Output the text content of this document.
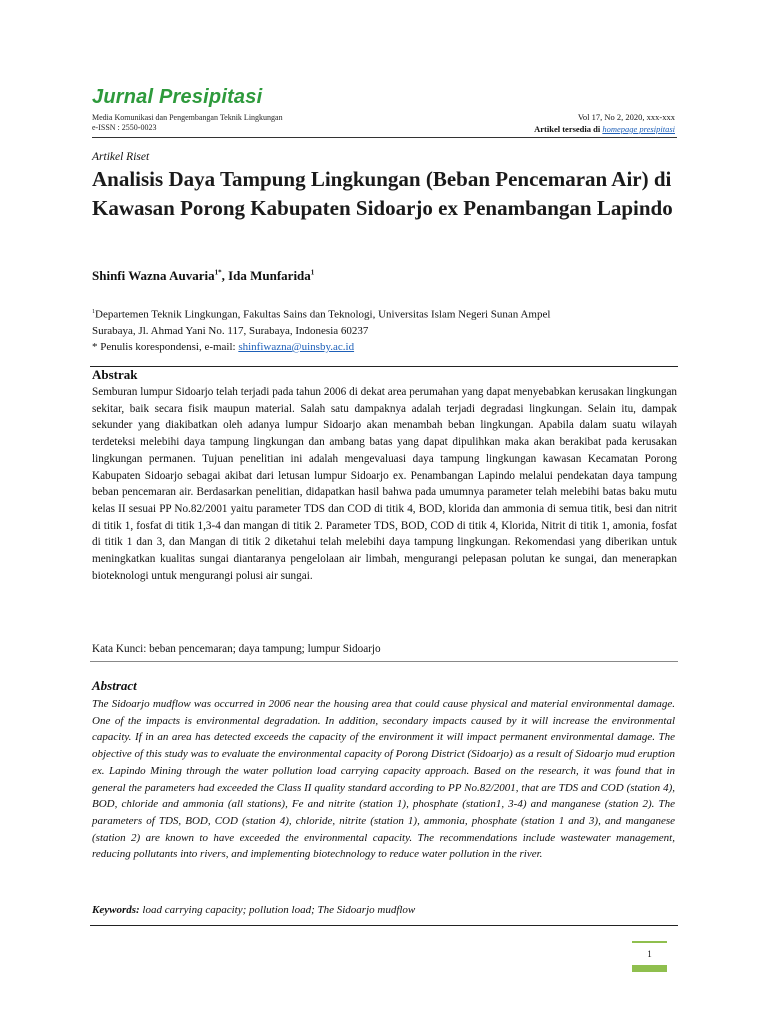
Jurnal Presipitasi
Media Komunikasi dan Pengembangan Teknik Lingkungan
e-ISSN : 2550-0023
Vol 17, No 2, 2020, xxx-xxx
Artikel tersedia di homepage presipitasi
Artikel Riset
Analisis Daya Tampung Lingkungan (Beban Pencemaran Air) di Kawasan Porong Kabupaten Sidoarjo ex Penambangan Lapindo
Shinfi Wazna Auvaria$^{1*}$, Ida Munfarida$^1$
$^1$Departemen Teknik Lingkungan, Fakultas Sains dan Teknologi, Universitas Islam Negeri Sunan Ampel
Surabaya, Jl. Ahmad Yani No. 117, Surabaya, Indonesia 60237
* Penulis korespondensi, e-mail: shinfiwazna@uinsby.ac.id
Abstrak
Semburan lumpur Sidoarjo telah terjadi pada tahun 2006 di dekat area perumahan yang dapat menyebabkan kerusakan lingkungan sekitar, baik secara fisik maupun material. Salah satu dampaknya adalah terjadi degradasi lingkungan. Selain itu, dampak sekunder yang diakibatkan oleh adanya lumpur Sidoarjo akan menambah beban lingkungan. Apabila dalam suatu wilayah terdeteksi melebihi daya tampung lingkungan dan ambang batas yang dapat dipulihkan maka akan berakibat pada kerusakan lingkungan permanen. Tujuan penelitian ini adalah mengevaluasi daya tampung lingkungan kawasan Kecamatan Porong Kabupaten Sidoarjo sebagai akibat dari letusan lumpur Sidoarjo ex. Penambangan Lapindo melalui pendekatan daya tampung beban pencemaran air. Berdasarkan penelitian, didapatkan hasil bahwa pada umumnya parameter telah melebihi batas baku mutu kelas II sesuai PP No.82/2001 yaitu parameter TDS dan COD di titik 4, BOD, klorida dan ammonia di semua titik, besi dan nitrit di titik 1, fosfat di titik 1,3-4 dan mangan di titik 2. Parameter TDS, BOD, COD di titik 4, Klorida, Nitrit di titik 1, amonia, fosfat di titik 1 dan 3, dan Mangan di titik 2 diketahui telah melebihi daya tampung lingkungan. Rekomendasi yang diberikan untuk meningkatkan kualitas sungai diantaranya pengelolaan air limbah, mengurangi pelepasan polutan ke sungai, dan menerapkan bioteknologi untuk mengurangi polusi air sungai.
Kata Kunci: beban pencemaran; daya tampung; lumpur Sidoarjo
Abstract
The Sidoarjo mudflow was occurred in 2006 near the housing area that could cause physical and material environmental damage. One of the impacts is environmental degradation. In addition, secondary impacts caused by it will increase the environmental capacity. If in an area has detected exceeds the capacity of the environment it will impact permanent environmental damage. The objective of this study was to evaluate the environmental capacity of Porong District (Sidoarjo) as a result of Sidoarjo mud eruption ex. Lapindo Mining through the water pollution load carrying capacity approach. Based on the research, it was found that in general the parameters had exceeded the Class II quality standard according to PP No.82/2001, that are TDS and COD (station 4), BOD, chloride and ammonia (all stations), Fe and nitrite (station 1), phosphate (station1, 3-4) and manganese (station 2). The parameters of TDS, BOD, COD (station 4), chloride, nitrite (station 1), ammonia, phosphate (station 1 and 3), and manganese (station 2) are known to have exceeded the environmental capacity. The recommendations include wastewater management, reducing pollutants into rivers, and implementing biotechnology to reduce water pollution in the river.
Keywords: load carrying capacity; pollution load; The Sidoarjo mudflow
1
